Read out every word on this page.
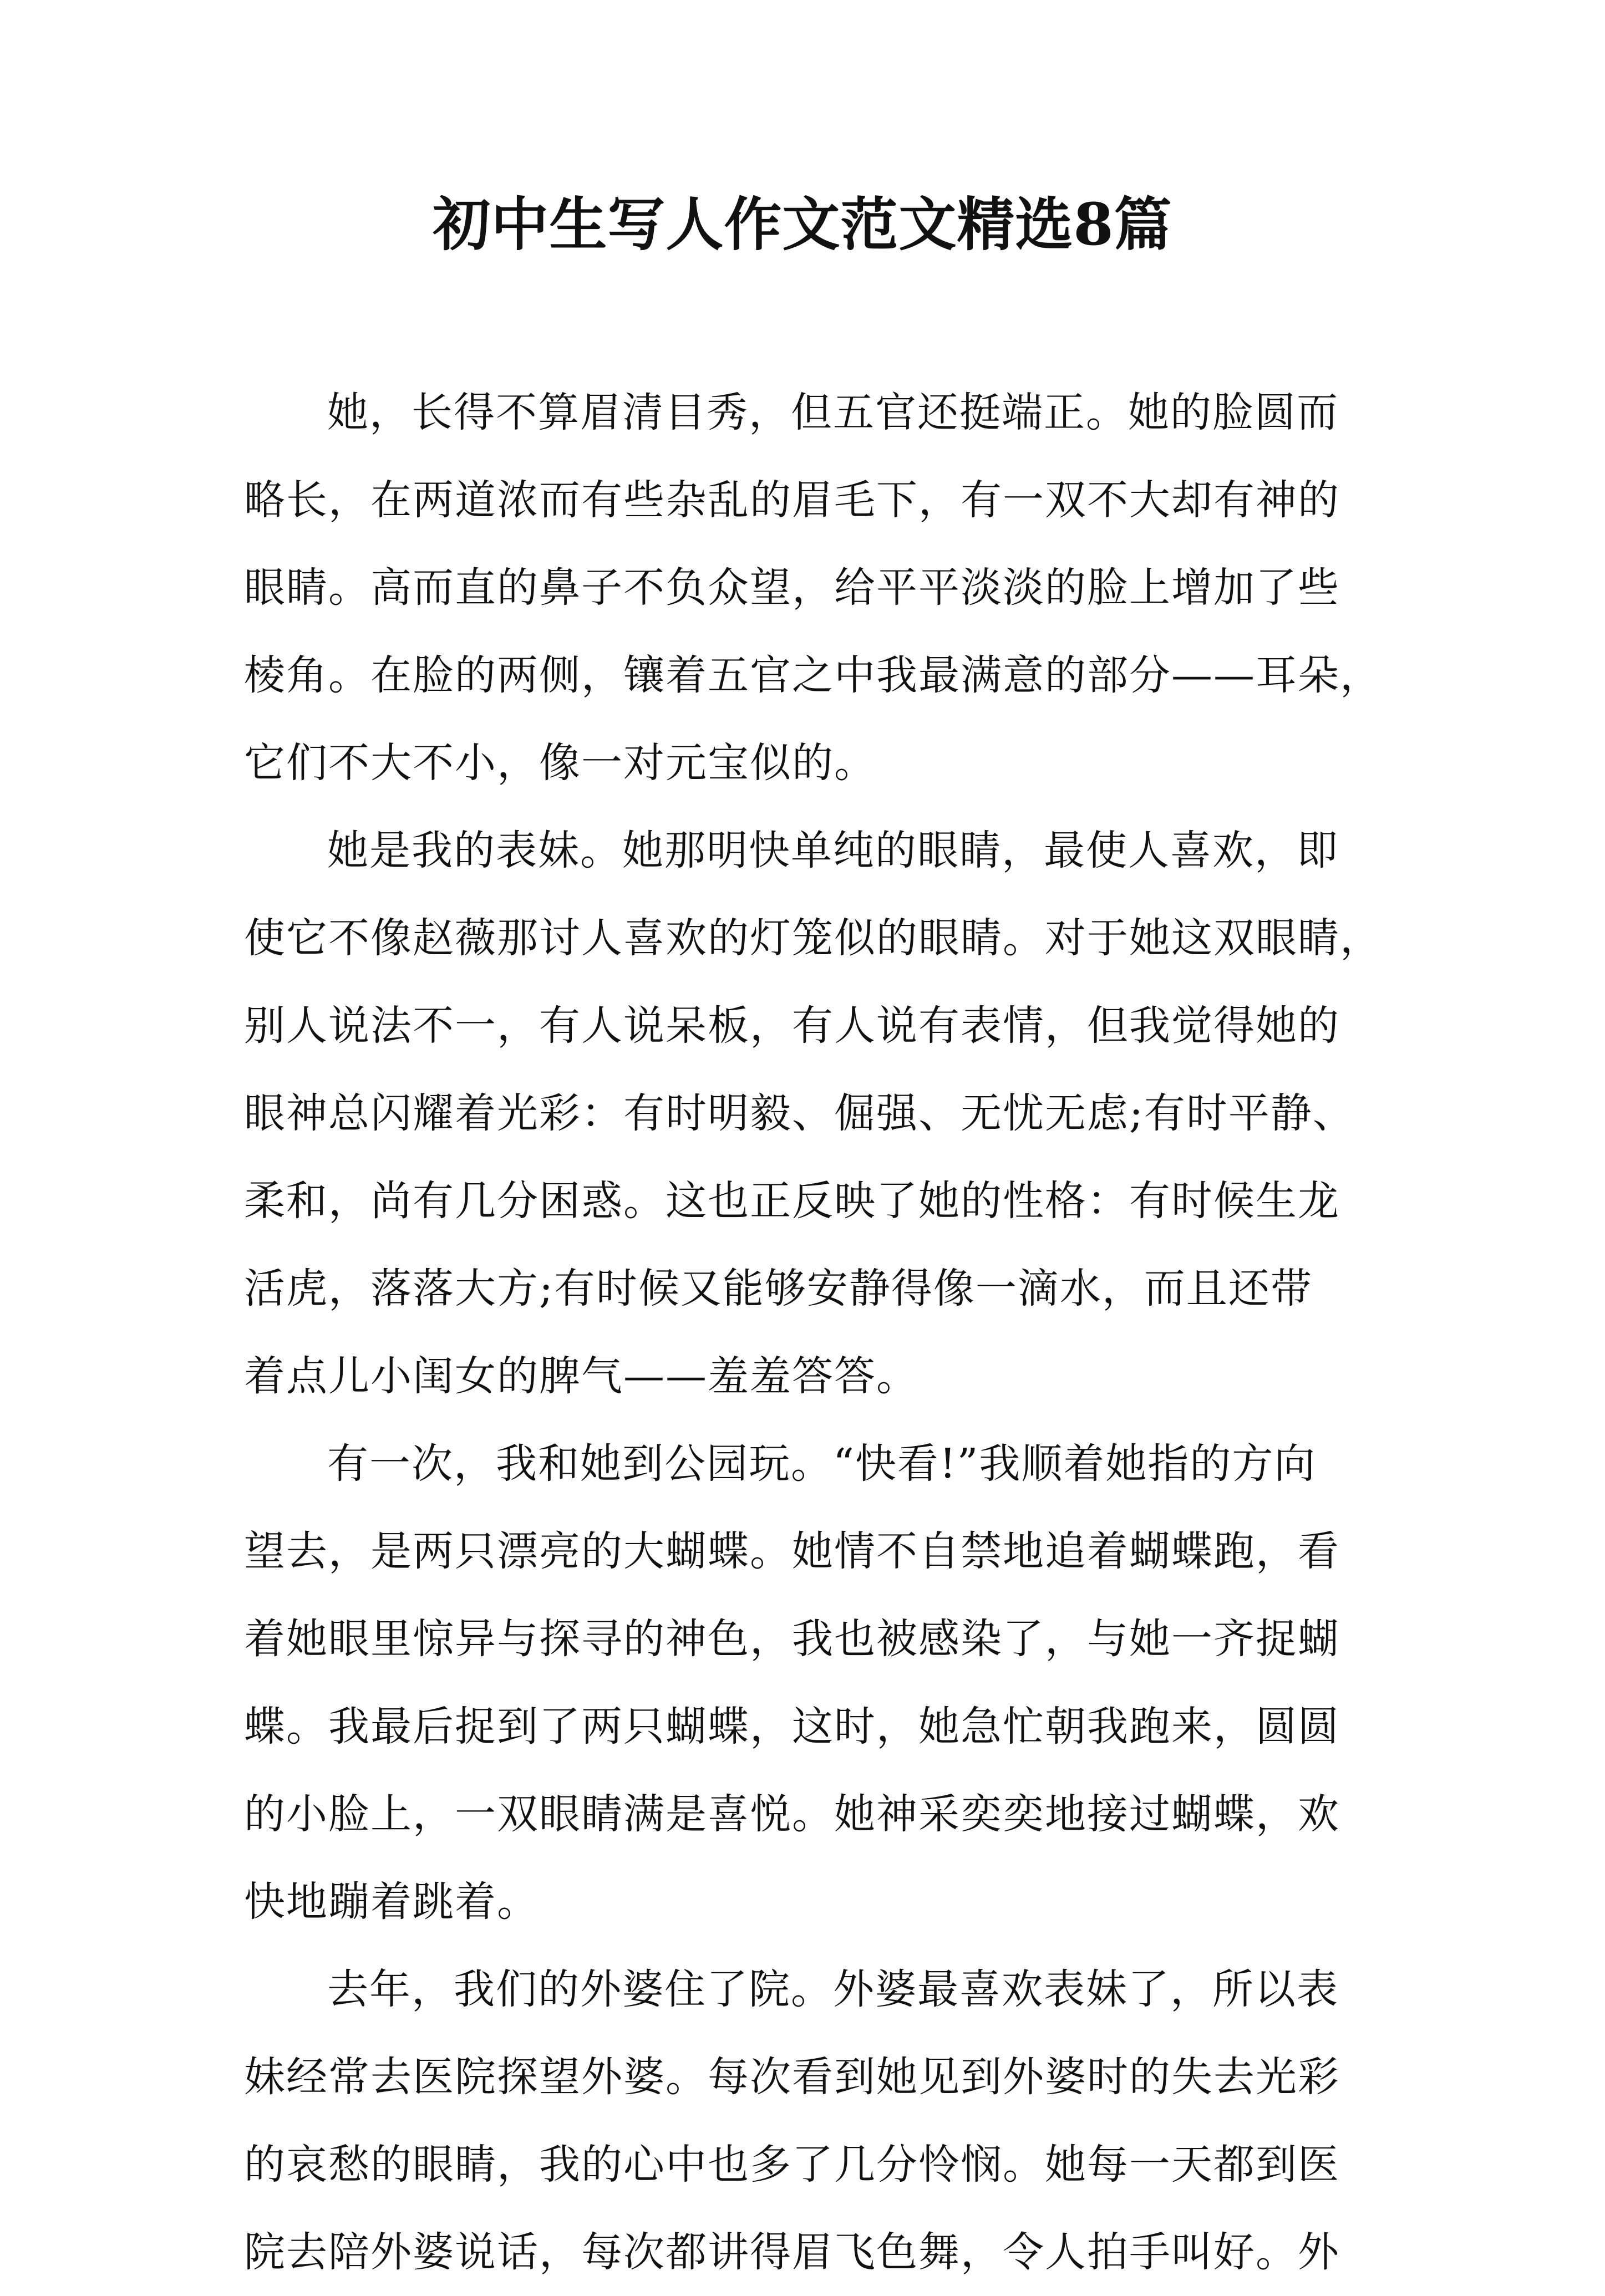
初中生写人作文范文精选8篇
她，长得不算眉清目秀，但五官还挺端正。她的脸圆而
略长，在两道浓而有些杂乱的眉毛下，有一双不大却有神的
眼睛。高而直的鼻子不负众望，给平平淡淡的脸上增加了些
棱角。在脸的两侧，镶着五官之中我最满意的部分——耳朵，
它们不大不小，像一对元宝似的。
她是我的表妹。她那明快单纯的眼睛，最使人喜欢，即
使它不像赵薇那讨人喜欢的灯笼似的眼睛。对于她这双眼睛，
别人说法不一，有人说呆板，有人说有表情，但我觉得她的
眼神总闪耀着光彩：有时明毅、倔强、无忧无虑;有时平静、
柔和，尚有几分困惑。这也正反映了她的性格：有时候生龙
活虎，落落大方;有时候又能够安静得像一滴水，而且还带
着点儿小闺女的脾气——羞羞答答。
有一次，我和她到公园玩。“快看!”我顺着她指的方向
望去，是两只漂亮的大蝴蝶。她情不自禁地追着蝴蝶跑，看
着她眼里惊异与探寻的神色，我也被感染了，与她一齐捉蝴
蝶。我最后捉到了两只蝴蝶，这时，她急忙朝我跑来，圆圆
的小脸上，一双眼睛满是喜悦。她神采奕奕地接过蝴蝶，欢
快地蹦着跳着。
去年，我们的外婆住了院。外婆最喜欢表妹了，所以表
妹经常去医院探望外婆。每次看到她见到外婆时的失去光彩
的哀愁的眼睛，我的心中也多了几分怜悯。她每一天都到医
院去陪外婆说话，每次都讲得眉飞色舞，令人拍手叫好。外
